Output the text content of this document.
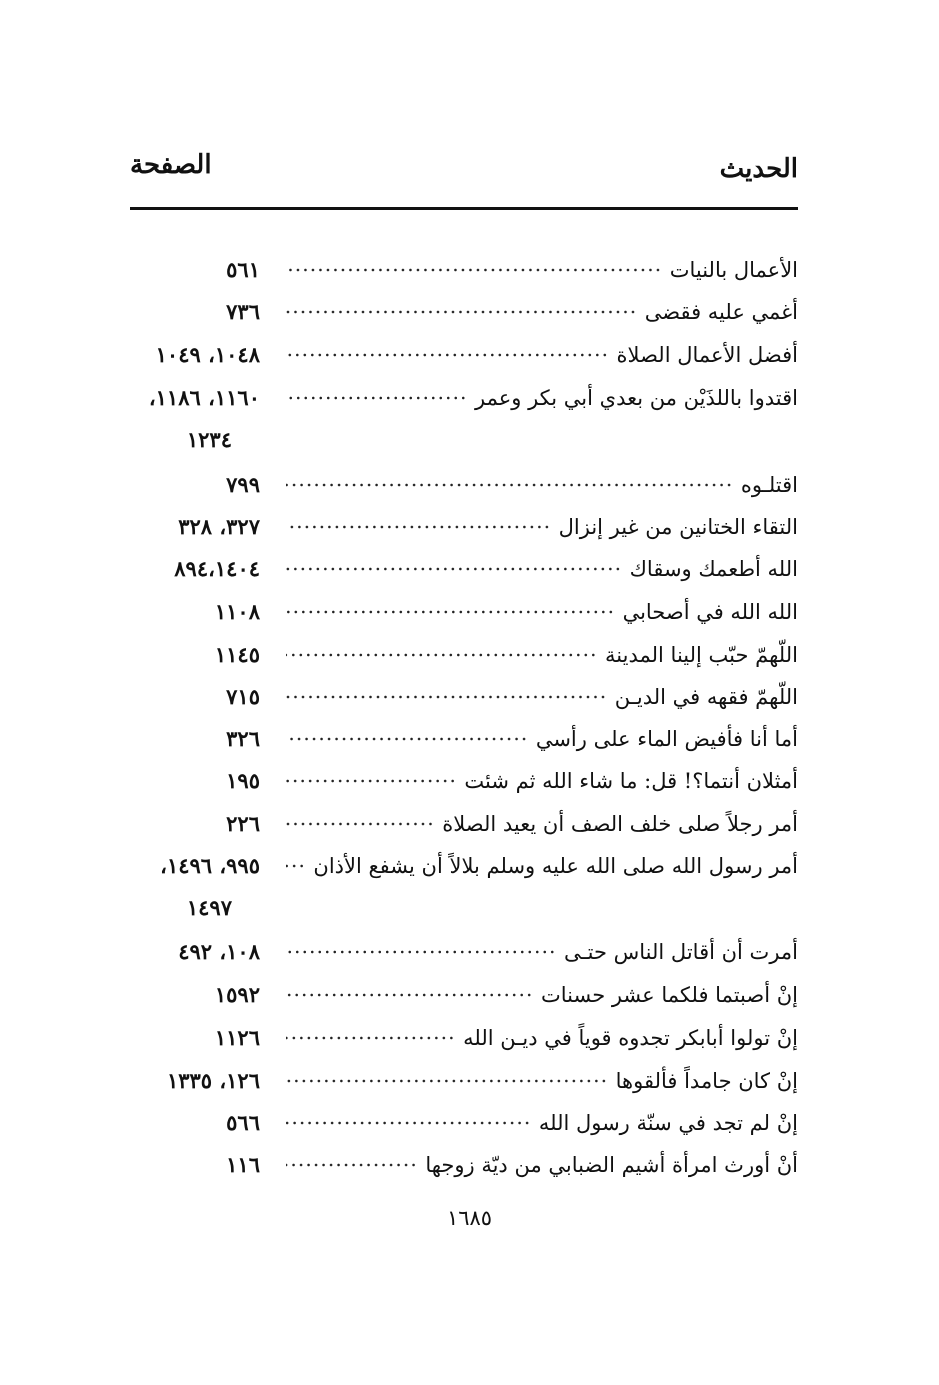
الحديث
الصفحة
الأعمال بالنيات
٥٦١
أغمي عليه فقضى
٧٣٦
أفضل الأعمال الصلاة
١٠٤٨، ١٠٤٩
اقتدوا باللذَيْن من بعدي أبي بكر وعمر
١١٦٠، ١١٨٦،
١٢٣٤
اقتلـوه
٧٩٩
التقاء الختانين من غير إنزال
٣٢٧، ٣٢٨
الله أطعمك وسقاك
٨٩٤،١٤٠٤
الله الله في أصحابي
١١٠٨
اللّهمّ حبّب إلينا المدينة
١١٤٥
اللّهمّ فقهه في الديـن
٧١٥
أما أنا فأفيض الماء على رأسي
٣٢٦
أمثلان أنتما؟! قل: ما شاء الله ثم شئت
١٩٥
أمر رجلاً صلى خلف الصف أن يعيد الصلاة
٢٢٦
أمر رسول الله صلى الله عليه وسلم بلالاً أن يشفع الأذان
٩٩٥، ١٤٩٦،
١٤٩٧
أمرت أن أقاتل الناس حتـى
١٠٨، ٤٩٢
إنْ أصبتما فلكما عشر حسنات
١٥٩٢
إنْ تولوا أبابكر تجدوه قوياً في ديـن الله
١١٢٦
إنْ كان جامداً فألقوها
١٢٦، ١٣٣٥
إنْ لم تجد في سنّة رسول الله
٥٦٦
أنْ أورث امرأة أشيم الضبابي من ديّة زوجها
١١٦
١٦٨٥
